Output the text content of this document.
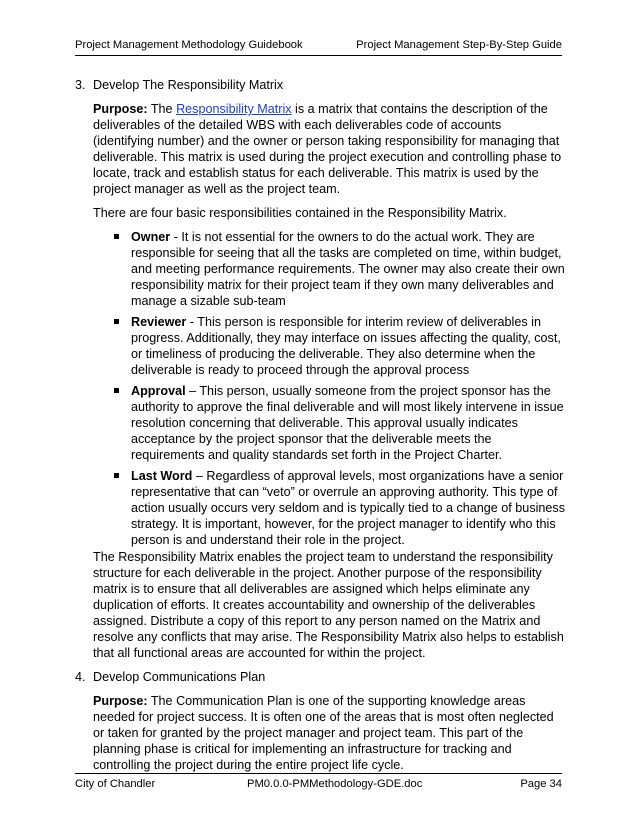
Project Management Methodology Guidebook	Project Management Step-By-Step Guide

3. Develop The Responsibility Matrix

Purpose: The Responsibility Matrix is a matrix that contains the description of the deliverables of the detailed WBS with each deliverables code of accounts (identifying number) and the owner or person taking responsibility for managing that deliverable. This matrix is used during the project execution and controlling phase to locate, track and establish status for each deliverable. This matrix is used by the project manager as well as the project team.

There are four basic responsibilities contained in the Responsibility Matrix.

Owner - It is not essential for the owners to do the actual work. They are responsible for seeing that all the tasks are completed on time, within budget, and meeting performance requirements. The owner may also create their own responsibility matrix for their project team if they own many deliverables and manage a sizable sub-team
Reviewer - This person is responsible for interim review of deliverables in progress. Additionally, they may interface on issues affecting the quality, cost, or timeliness of producing the deliverable. They also determine when the deliverable is ready to proceed through the approval process
Approval – This person, usually someone from the project sponsor has the authority to approve the final deliverable and will most likely intervene in issue resolution concerning that deliverable. This approval usually indicates acceptance by the project sponsor that the deliverable meets the requirements and quality standards set forth in the Project Charter.
Last Word – Regardless of approval levels, most organizations have a senior representative that can “veto” or overrule an approving authority. This type of action usually occurs very seldom and is typically tied to a change of business strategy. It is important, however, for the project manager to identify who this person is and understand their role in the project.

The Responsibility Matrix enables the project team to understand the responsibility structure for each deliverable in the project. Another purpose of the responsibility matrix is to ensure that all deliverables are assigned which helps eliminate any duplication of efforts. It creates accountability and ownership of the deliverables assigned. Distribute a copy of this report to any person named on the Matrix and resolve any conflicts that may arise. The Responsibility Matrix also helps to establish that all functional areas are accounted for within the project.

4. Develop Communications Plan

Purpose: The Communication Plan is one of the supporting knowledge areas needed for project success. It is often one of the areas that is most often neglected or taken for granted by the project manager and project team. This part of the planning phase is critical for implementing an infrastructure for tracking and controlling the project during the entire project life cycle.

City of Chandler	PM0.0.0-PMMethodology-GDE.doc	Page 34
